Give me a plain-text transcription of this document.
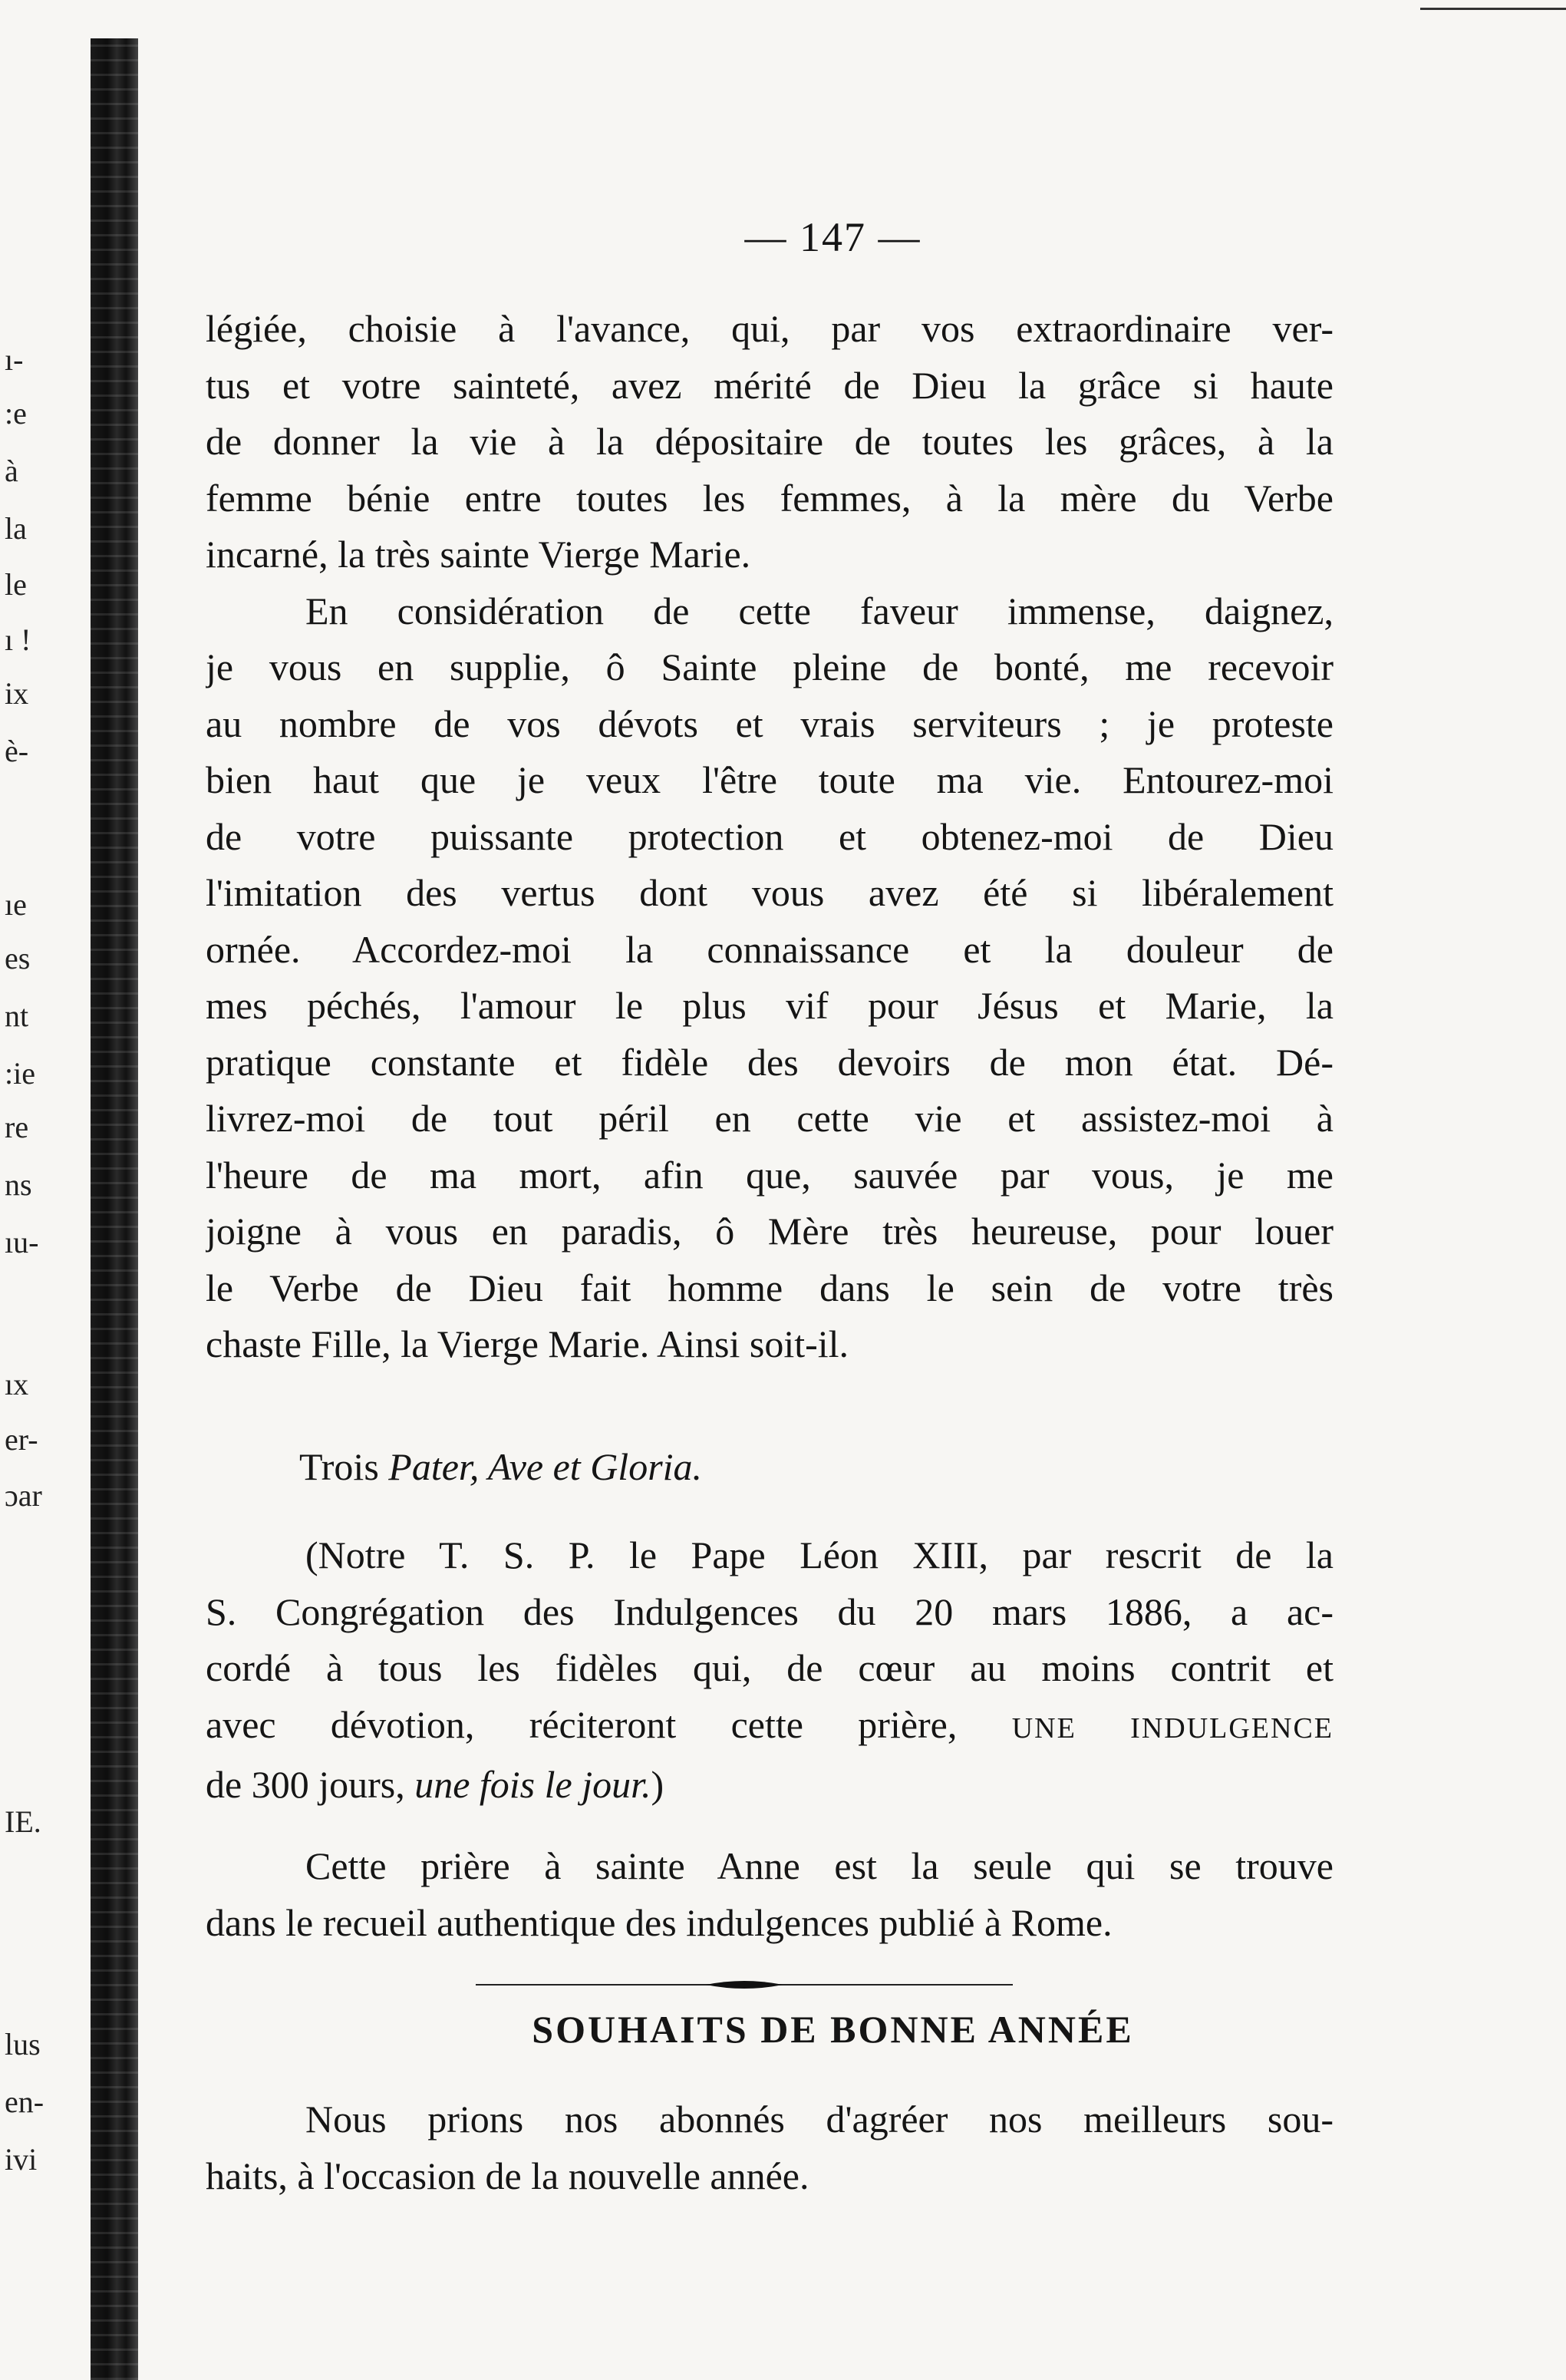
ı-
:e
à
la
le
ı !
ix
è-
ıe
es
nt
:ie
re
ns
ıu-
ıx
er-
ɔar
IE.
lus
en-
ivi
— 147 —
légiée, choisie à l'avance, qui, par vos extraordinaire ver-
tus et votre sainteté, avez mérité de Dieu la grâce si haute
de donner la vie à la dépositaire de toutes les grâces, à la
femme bénie entre toutes les femmes, à la mère du Verbe
incarné, la très sainte Vierge Marie.
En considération de cette faveur immense, daignez,
je vous en supplie, ô Sainte pleine de bonté, me recevoir
au nombre de vos dévots et vrais serviteurs ; je proteste
bien haut que je veux l'être toute ma vie. Entourez-moi
de votre puissante protection et obtenez-moi de Dieu
l'imitation des vertus dont vous avez été si libéralement
ornée. Accordez-moi la connaissance et la douleur de
mes péchés, l'amour le plus vif pour Jésus et Marie, la
pratique constante et fidèle des devoirs de mon état. Dé-
livrez-moi de tout péril en cette vie et assistez-moi à
l'heure de ma mort, afin que, sauvée par vous, je me
joigne à vous en paradis, ô Mère très heureuse, pour louer
le Verbe de Dieu fait homme dans le sein de votre très
chaste Fille, la Vierge Marie. Ainsi soit-il.
Trois Pater, Ave et Gloria.
(Notre T. S. P. le Pape Léon XIII, par rescrit de la
S. Congrégation des Indulgences du 20 mars 1886, a ac-
cordé à tous les fidèles qui, de cœur au moins contrit et
avec dévotion, réciteront cette prière, UNE INDULGENCE
de 300 jours, une fois le jour.)
Cette prière à sainte Anne est la seule qui se trouve
dans le recueil authentique des indulgences publié à Rome.
SOUHAITS DE BONNE ANNÉE
Nous prions nos abonnés d'agréer nos meilleurs sou-
haits, à l'occasion de la nouvelle année.
